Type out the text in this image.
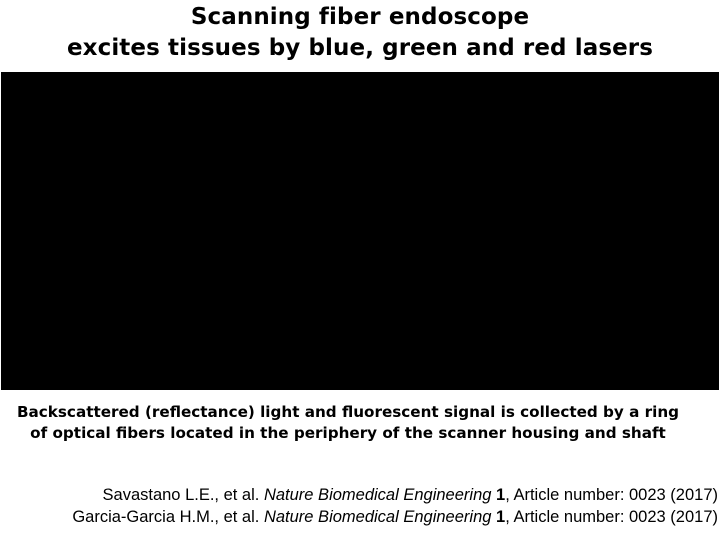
Scanning fiber endoscope
excites tissues by blue, green and red lasers
Backscattered (reflectance) light and fluorescent signal is collected by a ring of optical fibers located in the periphery of the scanner housing and shaft
Savastano L.E., et al. Nature Biomedical Engineering 1, Article number: 0023 (2017)
Garcia-Garcia H.M., et al. Nature Biomedical Engineering 1, Article number: 0023 (2017)
